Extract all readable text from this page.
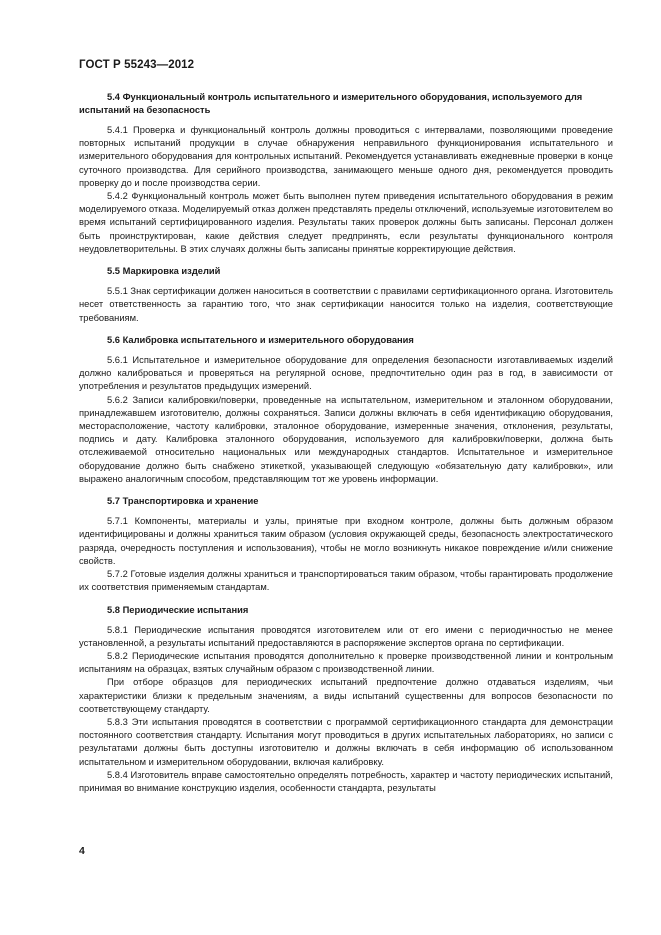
ГОСТ Р 55243—2012

5.4 Функциональный контроль испытательного и измерительного оборудования, используемого для испытаний на безопасность

5.4.1 Проверка и функциональный контроль должны проводиться с интервалами, позволяющими проведение повторных испытаний продукции в случае обнаружения неправильного функционирования испытательного и измерительного оборудования для контрольных испытаний. Рекомендуется устанавливать ежедневные проверки в конце суточного производства. Для серийного производства, занимающего меньше одного дня, рекомендуется проводить проверку до и после производства серии.

5.4.2 Функциональный контроль может быть выполнен путем приведения испытательного оборудования в режим моделируемого отказа. Моделируемый отказ должен представлять пределы отключений, используемые изготовителем во время испытаний сертифицированного изделия. Результаты таких проверок должны быть записаны. Персонал должен быть проинструктирован, какие действия следует предпринять, если результаты функционального контроля неудовлетворительны. В этих случаях должны быть записаны принятые корректирующие действия.

5.5 Маркировка изделий

5.5.1 Знак сертификации должен наноситься в соответствии с правилами сертификационного органа. Изготовитель несет ответственность за гарантию того, что знак сертификации наносится только на изделия, соответствующие требованиям.

5.6 Калибровка испытательного и измерительного оборудования

5.6.1 Испытательное и измерительное оборудование для определения безопасности изготавливаемых изделий должно калиброваться и проверяться на регулярной основе, предпочтительно один раз в год, в зависимости от употребления и результатов предыдущих измерений.

5.6.2 Записи калибровки/поверки, проведенные на испытательном, измерительном и эталонном оборудовании, принадлежавшем изготовителю, должны сохраняться. Записи должны включать в себя идентификацию оборудования, месторасположение, частоту калибровки, эталонное оборудование, измеренные значения, отклонения, результаты, подпись и дату. Калибровка эталонного оборудования, используемого для калибровки/поверки, должна быть отслеживаемой относительно национальных или международных стандартов. Испытательное и измерительное оборудование должно быть снабжено этикеткой, указывающей следующую «обязательную дату калибровки», или выражено аналогичным способом, представляющим тот же уровень информации.

5.7 Транспортировка и хранение

5.7.1 Компоненты, материалы и узлы, принятые при входном контроле, должны быть должным образом идентифицированы и должны храниться таким образом (условия окружающей среды, безопасность электростатического разряда, очередность поступления и использования), чтобы не могло возникнуть никакое повреждение и/или снижение свойств.

5.7.2 Готовые изделия должны храниться и транспортироваться таким образом, чтобы гарантировать продолжение их соответствия применяемым стандартам.

5.8 Периодические испытания

5.8.1 Периодические испытания проводятся изготовителем или от его имени с периодичностью не менее установленной, а результаты испытаний предоставляются в распоряжение экспертов органа по сертификации.

5.8.2 Периодические испытания проводятся дополнительно к проверке производственной линии и контрольным испытаниям на образцах, взятых случайным образом с производственной линии.

При отборе образцов для периодических испытаний предпочтение должно отдаваться изделиям, чьи характеристики близки к предельным значениям, а виды испытаний существенны для вопросов безопасности по соответствующему стандарту.

5.8.3 Эти испытания проводятся в соответствии с программой сертификационного стандарта для демонстрации постоянного соответствия стандарту. Испытания могут проводиться в других испытательных лабораториях, но записи с результатами должны быть доступны изготовителю и должны включать в себя информацию об использованном испытательном и измерительном оборудовании, включая калибровку.

5.8.4 Изготовитель вправе самостоятельно определять потребность, характер и частоту периодических испытаний, принимая во внимание конструкцию изделия, особенности стандарта, результаты

4
